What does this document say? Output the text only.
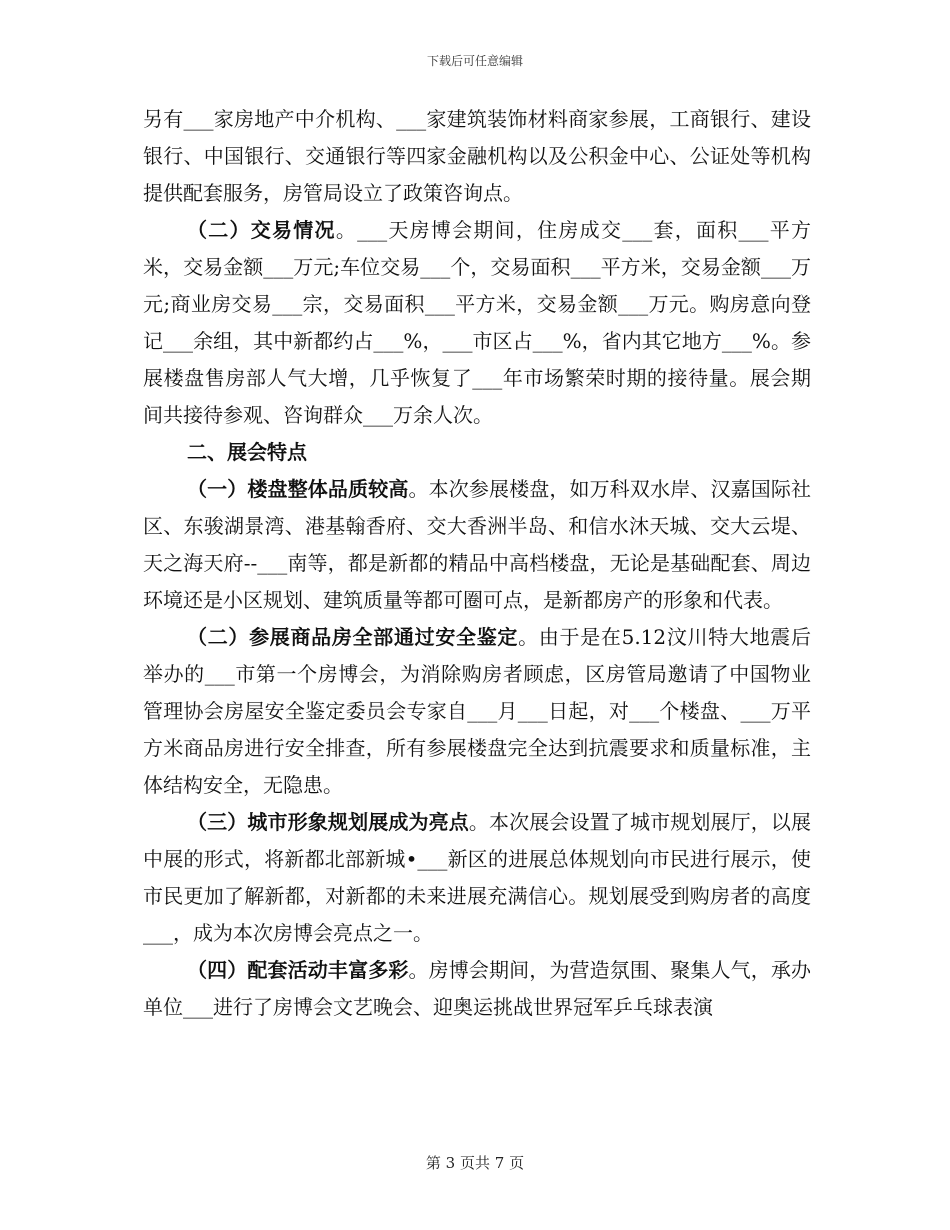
下载后可任意编辑

另有___家房地产中介机构、___家建筑装饰材料商家参展，工商银行、建设银行、中国银行、交通银行等四家金融机构以及公积金中心、公证处等机构提供配套服务，房管局设立了政策咨询点。

（二）交易情况。___天房博会期间，住房成交___套，面积___平方米，交易金额___万元;车位交易___个，交易面积___平方米，交易金额___万元;商业房交易___宗，交易面积___平方米，交易金额___万元。购房意向登记___余组，其中新都约占___%，___市区占___%，省内其它地方___%。参展楼盘售房部人气大增，几乎恢复了___年市场繁荣时期的接待量。展会期间共接待参观、咨询群众___万余人次。

二、展会特点

（一）楼盘整体品质较高。本次参展楼盘，如万科双水岸、汉嘉国际社区、东骏湖景湾、港基翰香府、交大香洲半岛、和信水沐天城、交大云堤、天之海天府--___南等，都是新都的精品中高档楼盘，无论是基础配套、周边环境还是小区规划、建筑质量等都可圈可点，是新都房产的形象和代表。

（二）参展商品房全部通过安全鉴定。由于是在5.12汶川特大地震后举办的___市第一个房博会，为消除购房者顾虑，区房管局邀请了中国物业管理协会房屋安全鉴定委员会专家自___月___日起，对___个楼盘、___万平方米商品房进行安全排查，所有参展楼盘完全达到抗震要求和质量标准，主体结构安全，无隐患。

（三）城市形象规划展成为亮点。本次展会设置了城市规划展厅，以展中展的形式，将新都北部新城•___新区的进展总体规划向市民进行展示，使市民更加了解新都，对新都的未来进展充满信心。规划展受到购房者的高度___，成为本次房博会亮点之一。

（四）配套活动丰富多彩。房博会期间，为营造氛围、聚集人气，承办单位___进行了房博会文艺晚会、迎奥运挑战世界冠军乒乓球表演

第 3 页共 7 页
